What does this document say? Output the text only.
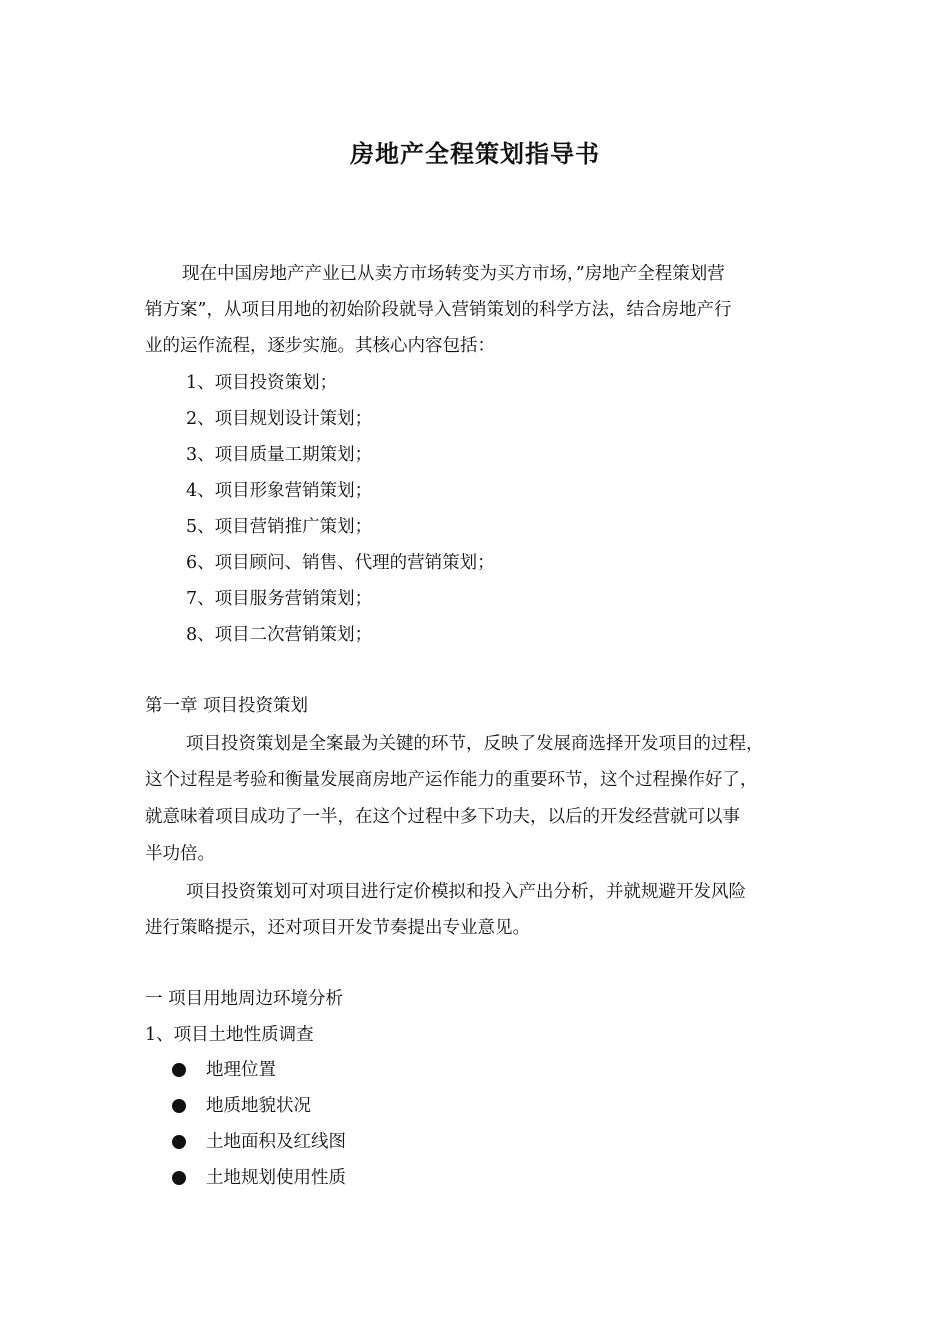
房地产全程策划指导书
现在中国房地产产业已从卖方市场转变为买方市场，”房地产全程策划营
销方案”，从项目用地的初始阶段就导入营销策划的科学方法，结合房地产行
业的运作流程，逐步实施。其核心内容包括：
1、项目投资策划；
2、项目规划设计策划；
3、项目质量工期策划；
4、项目形象营销策划；
5、项目营销推广策划；
6、项目顾问、销售、代理的营销策划；
7、项目服务营销策划；
8、项目二次营销策划；
第一章 项目投资策划
项目投资策划是全案最为关键的环节，反映了发展商选择开发项目的过程，
这个过程是考验和衡量发展商房地产运作能力的重要环节，这个过程操作好了，
就意味着项目成功了一半，在这个过程中多下功夫，以后的开发经营就可以事
半功倍。
项目投资策划可对项目进行定价模拟和投入产出分析，并就规避开发风险
进行策略提示，还对项目开发节奏提出专业意见。
一 项目用地周边环境分析
1、项目土地性质调查
地理位置
地质地貌状况
土地面积及红线图
土地规划使用性质
